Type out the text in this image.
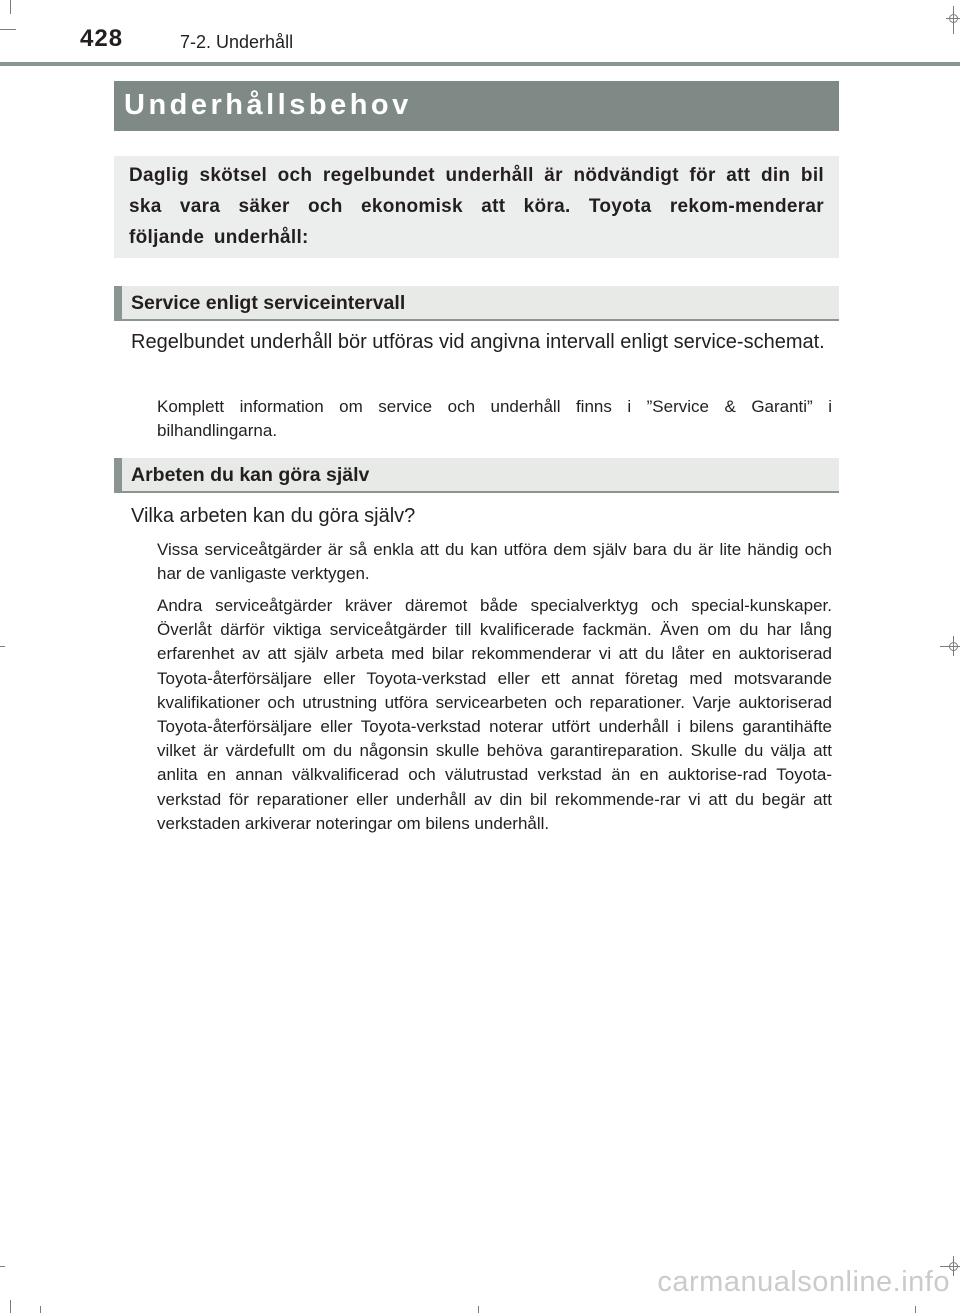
428	7-2. Underhåll
Underhållsbehov

Daglig skötsel och regelbundet underhåll är nödvändigt för att din bil ska vara säker och ekonomisk att köra. Toyota rekom-menderar följande underhåll:

Service enligt serviceintervall

Regelbundet underhåll bör utföras vid angivna intervall enligt service-schemat.

Komplett information om service och underhåll finns i ”Service & Garanti” i bilhandlingarna.

Arbeten du kan göra själv

Vilka arbeten kan du göra själv?

Vissa serviceåtgärder är så enkla att du kan utföra dem själv bara du är lite händig och har de vanligaste verktygen.

Andra serviceåtgärder kräver däremot både specialverktyg och special-kunskaper. Överlåt därför viktiga serviceåtgärder till kvalificerade fackmän. Även om du har lång erfarenhet av att själv arbeta med bilar rekommenderar vi att du låter en auktoriserad Toyota-återförsäljare eller Toyota-verkstad eller ett annat företag med motsvarande kvalifikationer och utrustning utföra servicearbeten och reparationer. Varje auktoriserad Toyota-återförsäljare eller Toyota-verkstad noterar utfört underhåll i bilens garantihäfte vilket är värdefullt om du någonsin skulle behöva garantireparation. Skulle du välja att anlita en annan välkvalificerad och välutrustad verkstad än en auktorise-rad Toyota-verkstad för reparationer eller underhåll av din bil rekommende-rar vi att du begär att verkstaden arkiverar noteringar om bilens underhåll.

carmanualsonline.info
